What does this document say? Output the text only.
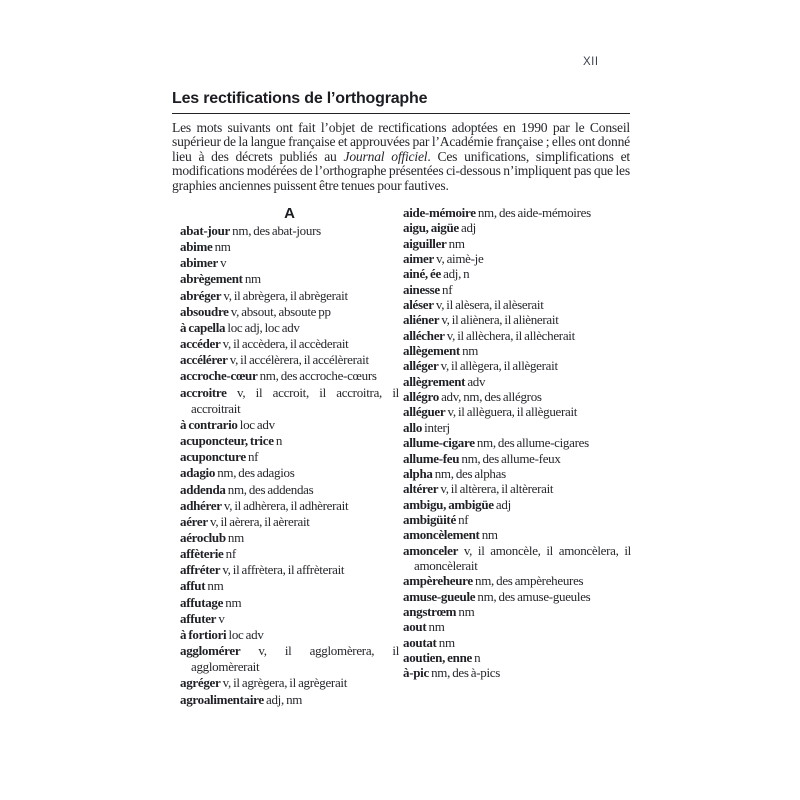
XII
Les rectifications de l’orthographe

Les mots suivants ont fait l’objet de rectifications adoptées en 1990 par le Conseil supérieur de la langue française et approuvées par l’Académie française ; elles ont donné lieu à des décrets publiés au Journal officiel. Ces unifications, simplifications et modifications modérées de l’orthographe présentées ci-dessous n’impliquent pas que les graphies anciennes puissent être tenues pour fautives.

A
abat-jour nm, des abat-jours
abime nm
abimer v
abrègement nm
abréger v, il abrègera, il abrègerait
absoudre v, absout, absoute pp
à capella loc adj, loc adv
accéder v, il accèdera, il accèderait
accélérer v, il accélèrera, il accélèrerait
accroche-cœur nm, des accroche-cœurs
accroitre v, il accroit, il accroitra, il accroitrait
à contrario loc adv
acuponcteur, trice n
acuponcture nf
adagio nm, des adagios
addenda nm, des addendas
adhérer v, il adhèrera, il adhèrerait
aérer v, il aèrera, il aèrerait
aéroclub nm
affèterie nf
affréter v, il affrètera, il affrèterait
affut nm
affutage nm
affuter v
à fortiori loc adv
agglomérer v, il agglomèrera, il agglomèrerait
agréger v, il agrègera, il agrègerait
agroalimentaire adj, nm
aide-mémoire nm, des aide-mémoires
aigu, aigüe adj
aiguiller nm
aimer v, aimè-je
ainé, ée adj, n
ainesse nf
aléser v, il alèsera, il alèserait
aliéner v, il aliènera, il aliènerait
allécher v, il allèchera, il allècherait
allègement nm
alléger v, il allègera, il allègerait
allègrement adv
allégro adv, nm, des allégros
alléguer v, il allèguera, il allèguerait
allo interj
allume-cigare nm, des allume-cigares
allume-feu nm, des allume-feux
alpha nm, des alphas
altérer v, il altèrera, il altèrerait
ambigu, ambigüe adj
ambigüité nf
amoncèlement nm
amonceler v, il amoncèle, il amoncèlera, il amoncèlerait
ampèreheure nm, des ampèreheures
amuse-gueule nm, des amuse-gueules
angstrœm nm
aout nm
aoutat nm
aoutien, enne n
à-pic nm, des à-pics
